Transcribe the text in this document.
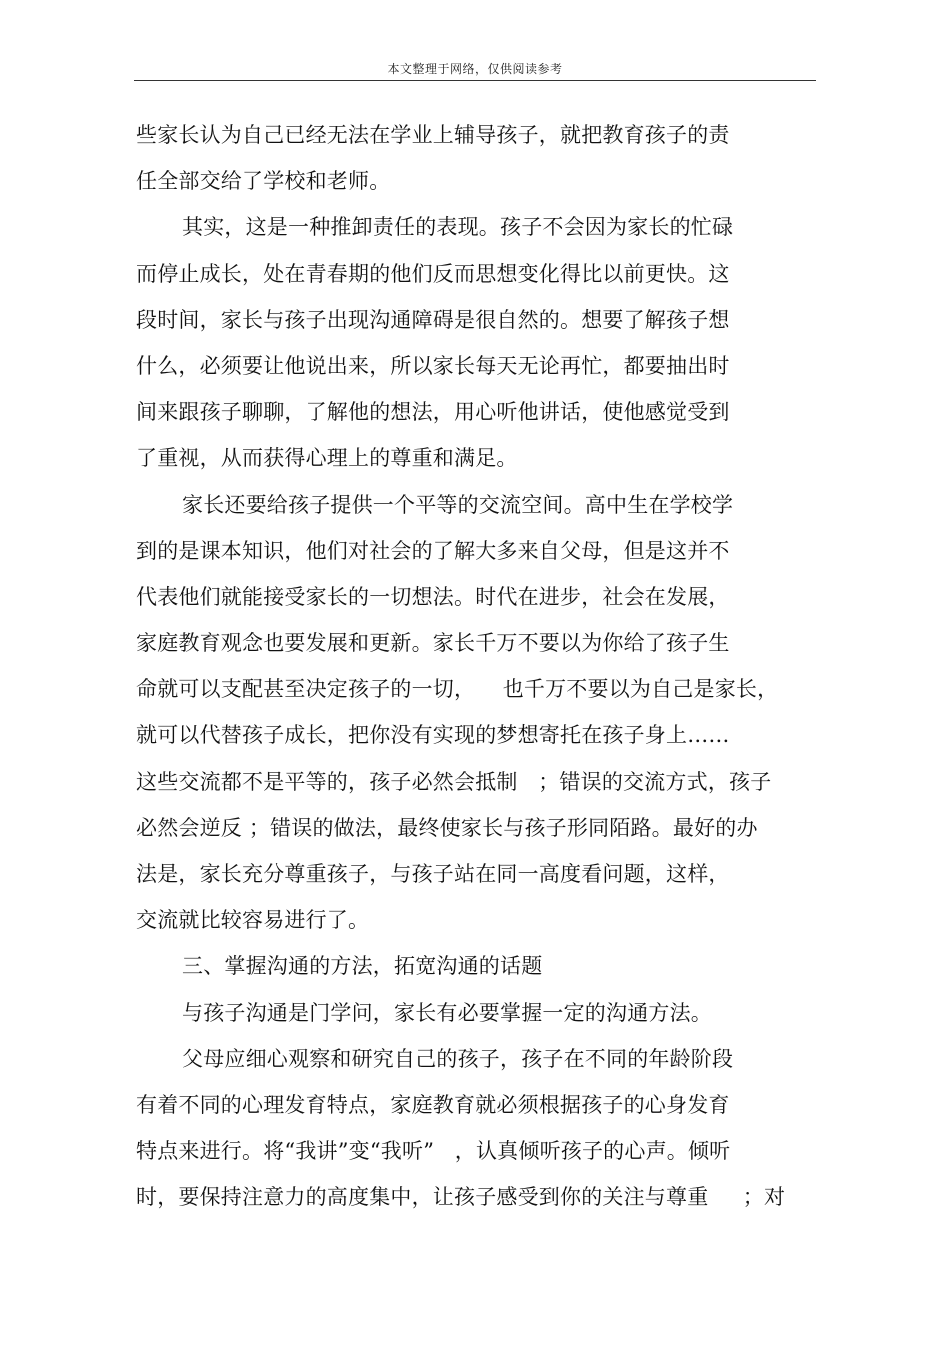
本文整理于网络，仅供阅读参考
些家长认为自己已经无法在学业上辅导孩子，就把教育孩子的责
任全部交给了学校和老师。
其实，这是一种推卸责任的表现。孩子不会因为家长的忙碌
而停止成长，处在青春期的他们反而思想变化得比以前更快。这
段时间，家长与孩子出现沟通障碍是很自然的。想要了解孩子想
什么，必须要让他说出来，所以家长每天无论再忙，都要抽出时
间来跟孩子聊聊，了解他的想法，用心听他讲话，使他感觉受到
了重视，从而获得心理上的尊重和满足。
家长还要给孩子提供一个平等的交流空间。高中生在学校学
到的是课本知识，他们对社会的了解大多来自父母，但是这并不
代表他们就能接受家长的一切想法。时代在进步，社会在发展，
家庭教育观念也要发展和更新。家长千万不要以为你给了孩子生
命就可以支配甚至决定孩子的一切，    也千万不要以为自己是家长，
就可以代替孩子成长，把你没有实现的梦想寄托在孩子身上……
这些交流都不是平等的，孩子必然会抵制   ；错误的交流方式，孩子
必然会逆反 ；错误的做法，最终使家长与孩子形同陌路。最好的办
法是，家长充分尊重孩子，与孩子站在同一高度看问题，这样，
交流就比较容易进行了。
三、掌握沟通的方法，拓宽沟通的话题
与孩子沟通是门学问，家长有必要掌握一定的沟通方法。
父母应细心观察和研究自己的孩子，孩子在不同的年龄阶段
有着不同的心理发育特点，家庭教育就必须根据孩子的心身发育
特点来进行。将“我讲”变“我听”   ，认真倾听孩子的心声。倾听
时，要保持注意力的高度集中，让孩子感受到你的关注与尊重     ；对
